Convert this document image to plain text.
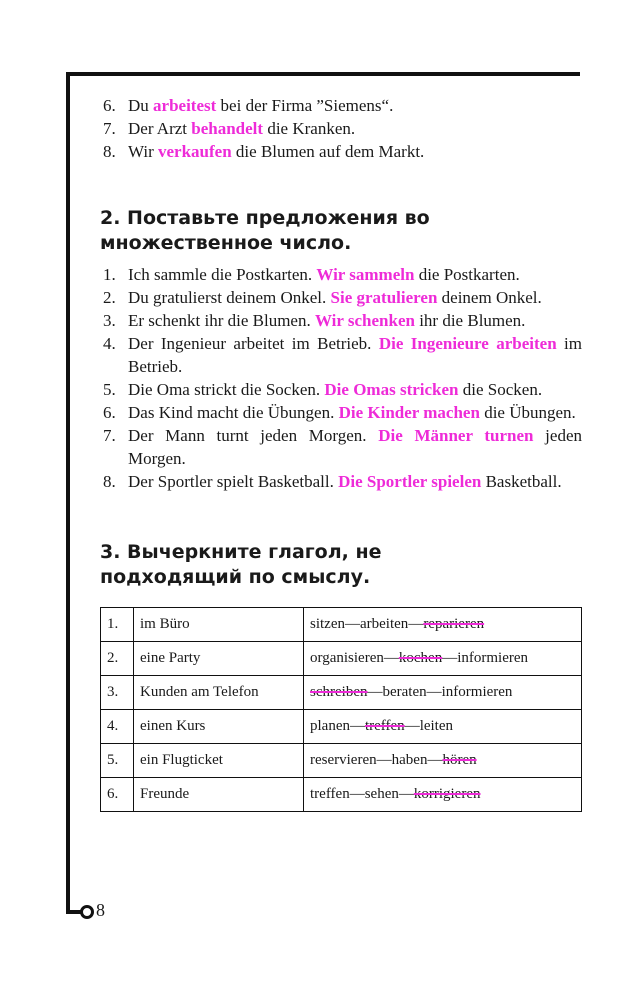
8
6. Du arbeitest bei der Firma ”Siemens“.
7. Der Arzt behandelt die Kranken.
8. Wir verkaufen die Blumen auf dem Markt.
2. Поставьте предложения во множественное число.
1. Ich sammle die Postkarten. Wir sammeln die Postkarten.
2. Du gratulierst deinem Onkel. Sie gratulieren deinem Onkel.
3. Er schenkt ihr die Blumen. Wir schenken ihr die Blumen.
4. Der Ingenieur arbeitet im Betrieb. Die Ingenieure arbeiten im Betrieb.
5. Die Oma strickt die Socken. Die Omas stricken die Socken.
6. Das Kind macht die Übungen. Die Kinder machen die Übungen.
7. Der Mann turnt jeden Morgen. Die Männer turnen jeden Morgen.
8. Der Sportler spielt Basketball. Die Sportler spielen Basketball.
3. Вычеркните глагол, не подходящий по смыслу.
1.	im Büro	sitzen—arbeiten—reparieren
2.	eine Party	organisieren—kochen—informieren
3.	Kunden am Telefon	schreiben—beraten—informieren
4.	einen Kurs	planen—treffen—leiten
5.	ein Flugticket	reservieren—haben—hören
6.	Freunde	treffen—sehen—korrigieren
